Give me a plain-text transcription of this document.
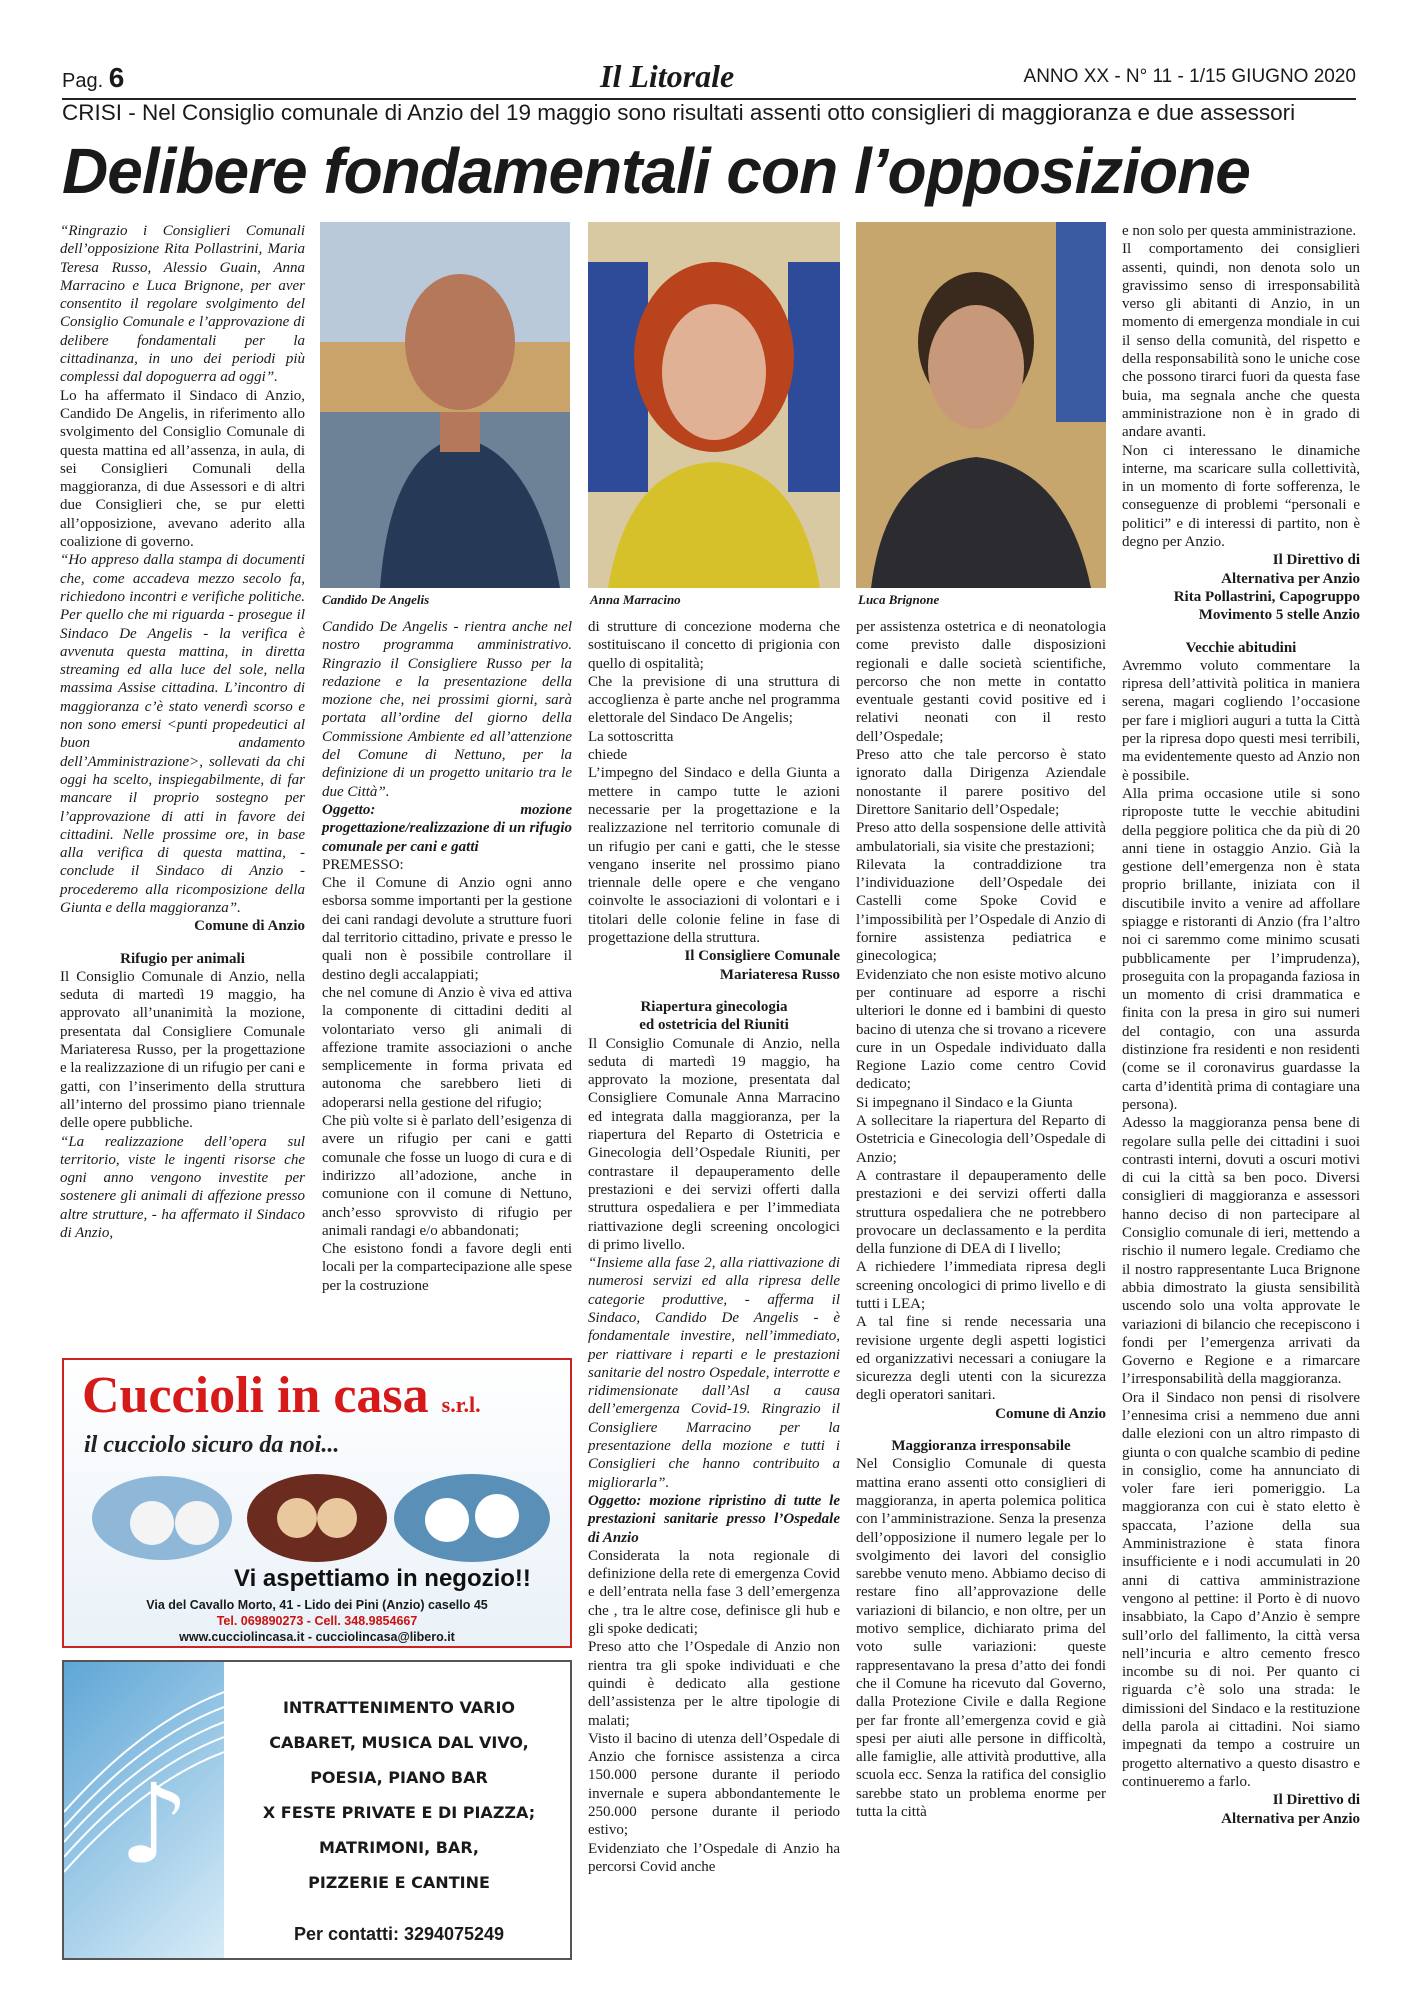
Pag. 6	Il Litorale	ANNO XX - N° 11 - 1/15 GIUGNO 2020
CRISI - Nel Consiglio comunale di Anzio del 19 maggio sono risultati assenti otto consiglieri di maggioranza e due assessori
Delibere fondamentali con l’opposizione
Candido De Angelis	Anna Marracino	Luca Brignone

“Ringrazio i Consiglieri Comunali dell’opposizione Rita Pollastrini, Maria Teresa Russo, Alessio Guain, Anna Marracino e Luca Brignone, per aver consentito il regolare svolgimento del Consiglio Comunale e l’approvazione di delibere fondamentali per la cittadinanza, in uno dei periodi più complessi dal dopoguerra ad oggi”.

Lo ha affermato il Sindaco di Anzio, Candido De Angelis, in riferimento allo svolgimento del Consiglio Comunale di questa mattina ed all’assenza, in aula, di sei Consiglieri Comunali della maggioranza, di due Assessori e di altri due Consiglieri che, se pur eletti all’opposizione, avevano aderito alla coalizione di governo.

“Ho appreso dalla stampa di documenti che, come accadeva mezzo secolo fa, richiedono incontri e verifiche politiche. Per quello che mi riguarda - prosegue il Sindaco De Angelis - la verifica è avvenuta questa mattina, in diretta streaming ed alla luce del sole, nella massima Assise cittadina. L’incontro di maggioranza c’è stato venerdì scorso e non sono emersi <punti propedeutici al buon andamento dell’Amministrazione>, sollevati da chi oggi ha scelto, inspiegabilmente, di far mancare il proprio sostegno per l’approvazione di atti in favore dei cittadini. Nelle prossime ore, in base alla verifica di questa mattina, - conclude il Sindaco di Anzio - procederemo alla ricomposizione della Giunta e della maggioranza”.

Comune di Anzio

Rifugio per animali

Il Consiglio Comunale di Anzio, nella seduta di martedì 19 maggio, ha approvato all’unanimità la mozione, presentata dal Consigliere Comunale Mariateresa Russo, per la progettazione e la realizzazione di un rifugio per cani e gatti, con l’inserimento della struttura all’interno del prossimo piano triennale delle opere pubbliche.

“La realizzazione dell’opera sul territorio, viste le ingenti risorse che ogni anno vengono investite per sostenere gli animali di affezione presso altre strutture, - ha affermato il Sindaco di Anzio,

Candido De Angelis - rientra anche nel nostro programma amministrativo. Ringrazio il Consigliere Russo per la redazione e la presentazione della mozione che, nei prossimi giorni, sarà portata all’ordine del giorno della Commissione Ambiente ed all’attenzione del Comune di Nettuno, per la definizione di un progetto unitario tra le due Città”.

Oggetto: mozione progettazione/realizzazione di un rifugio comunale per cani e gatti

PREMESSO:

Che il Comune di Anzio ogni anno esborsa somme importanti per la gestione dei cani randagi devolute a strutture fuori dal territorio cittadino, private e presso le quali non è possibile controllare il destino degli accalappiati;

che nel comune di Anzio è viva ed attiva la componente di cittadini dediti al volontariato verso gli animali di affezione tramite associazioni o anche semplicemente in forma privata ed autonoma che sarebbero lieti di adoperarsi nella gestione del rifugio;

Che più volte si è parlato dell’esigenza di avere un rifugio per cani e gatti comunale che fosse un luogo di cura e di indirizzo all’adozione, anche in comunione con il comune di Nettuno, anch’esso sprovvisto di rifugio per animali randagi e/o abbandonati;

Che esistono fondi a favore degli enti locali per la compartecipazione alle spese per la costruzione

di strutture di concezione moderna che sostituiscano il concetto di prigionia con quello di ospitalità;

Che la previsione di una struttura di accoglienza è parte anche nel programma elettorale del Sindaco De Angelis;

La sottoscritta

chiede

L’impegno del Sindaco e della Giunta a mettere in campo tutte le azioni necessarie per la progettazione e la realizzazione nel territorio comunale di un rifugio per cani e gatti, che le stesse vengano inserite nel prossimo piano triennale delle opere e che vengano coinvolte le associazioni di volontari e i titolari delle colonie feline in fase di progettazione della struttura.

Il Consigliere Comunale

Mariateresa Russo

Riapertura ginecologia

ed ostetricia del Riuniti

Il Consiglio Comunale di Anzio, nella seduta di martedì 19 maggio, ha approvato la mozione, presentata dal Consigliere Comunale Anna Marracino ed integrata dalla maggioranza, per la riapertura del Reparto di Ostetricia e Ginecologia dell’Ospedale Riuniti, per contrastare il depauperamento delle prestazioni e dei servizi offerti dalla struttura ospedaliera e per l’immediata riattivazione degli screening oncologici di primo livello.

“Insieme alla fase 2, alla riattivazione di numerosi servizi ed alla ripresa delle categorie produttive, - afferma il Sindaco, Candido De Angelis - è fondamentale investire, nell’immediato, per riattivare i reparti e le prestazioni sanitarie del nostro Ospedale, interrotte e ridimensionate dall’Asl a causa dell’emergenza Covid-19. Ringrazio il Consigliere Marracino per la presentazione della mozione e tutti i Consiglieri che hanno contribuito a migliorarla”.

Oggetto: mozione ripristino di tutte le prestazioni sanitarie presso l’Ospedale di Anzio

Considerata la nota regionale di definizione della rete di emergenza Covid e dell’entrata nella fase 3 dell’emergenza che , tra le altre cose, definisce gli hub e gli spoke dedicati;

Preso atto che l’Ospedale di Anzio non rientra tra gli spoke individuati e che quindi è dedicato alla gestione dell’assistenza per le altre tipologie di malati;

Visto il bacino di utenza dell’Ospedale di Anzio che fornisce assistenza a circa 150.000 persone durante il periodo invernale e supera abbondantemente le 250.000 persone durante il periodo estivo;

Evidenziato che l’Ospedale di Anzio ha percorsi Covid anche

per assistenza ostetrica e di neonatologia come previsto dalle disposizioni regionali e dalle società scientifiche, percorso che non mette in contatto eventuale gestanti covid positive ed i relativi neonati con il resto dell’Ospedale;

Preso atto che tale percorso è stato ignorato dalla Dirigenza Aziendale nonostante il parere positivo del Direttore Sanitario dell’Ospedale;

Preso atto della sospensione delle attività ambulatoriali, sia visite che prestazioni;

Rilevata la contraddizione tra l’individuazione dell’Ospedale dei Castelli come Spoke Covid e l’impossibilità per l’Ospedale di Anzio di fornire assistenza pediatrica e ginecologica;

Evidenziato che non esiste motivo alcuno per continuare ad esporre a rischi ulteriori le donne ed i bambini di questo bacino di utenza che si trovano a ricevere cure in un Ospedale individuato dalla Regione Lazio come centro Covid dedicato;

Si impegnano il Sindaco e la Giunta

A sollecitare la riapertura del Reparto di Ostetricia e Ginecologia dell’Ospedale di Anzio;

A contrastare il depauperamento delle prestazioni e dei servizi offerti dalla struttura ospedaliera che ne potrebbero provocare un declassamento e la perdita della funzione di DEA di I livello;

A richiedere l’immediata ripresa degli screening oncologici di primo livello e di tutti i LEA;

A tal fine si rende necessaria una revisione urgente degli aspetti logistici ed organizzativi necessari a coniugare la sicurezza degli utenti con la sicurezza degli operatori sanitari.

Comune di Anzio

Maggioranza irresponsabile

Nel Consiglio Comunale di questa mattina erano assenti otto consiglieri di maggioranza, in aperta polemica politica con l’amministrazione. Senza la presenza dell’opposizione il numero legale per lo svolgimento dei lavori del consiglio sarebbe venuto meno. Abbiamo deciso di restare fino all’approvazione delle variazioni di bilancio, e non oltre, per un motivo semplice, dichiarato prima del voto sulle variazioni: queste rappresentavano la presa d’atto dei fondi che il Comune ha ricevuto dal Governo, dalla Protezione Civile e dalla Regione per far fronte all’emergenza covid e già spesi per aiuti alle persone in difficoltà, alle famiglie, alle attività produttive, alla scuola ecc. Senza la ratifica del consiglio sarebbe stato un problema enorme per tutta la città

e non solo per questa amministrazione.

Il comportamento dei consiglieri assenti, quindi, non denota solo un gravissimo senso di irresponsabilità verso gli abitanti di Anzio, in un momento di emergenza mondiale in cui il senso della comunità, del rispetto e della responsabilità sono le uniche cose che possono tirarci fuori da questa fase buia, ma segnala anche che questa amministrazione non è in grado di andare avanti.

Non ci interessano le dinamiche interne, ma scaricare sulla collettività, in un momento di forte sofferenza, le conseguenze di problemi “personali e politici” e di interessi di partito, non è degno per Anzio.

Il Direttivo di

Alternativa per Anzio

Rita Pollastrini, Capogruppo

Movimento 5 stelle Anzio

Vecchie abitudini

Avremmo voluto commentare la ripresa dell’attività politica in maniera serena, magari cogliendo l’occasione per fare i migliori auguri a tutta la Città per la ripresa dopo questi mesi terribili, ma evidentemente questo ad Anzio non è possibile.

Alla prima occasione utile si sono riproposte tutte le vecchie abitudini della peggiore politica che da più di 20 anni tiene in ostaggio Anzio. Già la gestione dell’emergenza non è stata proprio brillante, iniziata con il discutibile invito a venire ad affollare spiagge e ristoranti di Anzio (fra l’altro noi ci saremmo come minimo scusati pubblicamente per l’imprudenza), proseguita con la propaganda faziosa in un momento di crisi drammatica e finita con la presa in giro sui numeri del contagio, con una assurda distinzione fra residenti e non residenti (come se il coronavirus guardasse la carta d’identità prima di contagiare una persona).

Adesso la maggioranza pensa bene di regolare sulla pelle dei cittadini i suoi contrasti interni, dovuti a oscuri motivi di cui la città sa ben poco. Diversi consiglieri di maggioranza e assessori hanno deciso di non partecipare al Consiglio comunale di ieri, mettendo a rischio il numero legale. Crediamo che il nostro rappresentante Luca Brignone abbia dimostrato la giusta sensibilità uscendo solo una volta approvate le variazioni di bilancio che recepiscono i fondi per l’emergenza arrivati da Governo e Regione e a rimarcare l’irresponsabilità della maggioranza.

Ora il Sindaco non pensi di risolvere l’ennesima crisi a nemmeno due anni dalle elezioni con un altro rimpasto di giunta o con qualche scambio di pedine in consiglio, come ha annunciato di voler fare ieri pomeriggio. La maggioranza con cui è stato eletto è spaccata, l’azione della sua Amministrazione è stata finora insufficiente e i nodi accumulati in 20 anni di cattiva amministrazione vengono al pettine: il Porto è di nuovo insabbiato, la Capo d’Anzio è sempre sull’orlo del fallimento, la città versa nell’incuria e altro cemento fresco incombe su di noi. Per quanto ci riguarda c’è solo una strada: le dimissioni del Sindaco e la restituzione della parola ai cittadini. Noi siamo impegnati da tempo a costruire un progetto alternativo a questo disastro e continueremo a farlo.

Il Direttivo di
Alternativa per Anzio

Cuccioli in casa s.r.l.
il cucciolo sicuro da noi...
Vi aspettiamo in negozio!!
Via del Cavallo Morto, 41 - Lido dei Pini (Anzio) casello 45
Tel. 069890273 - Cell. 348.9854667
www.cucciolincasa.it - cucciolincasa@libero.it
♪
INTRATTENIMENTO VARIO
CABARET, MUSICA DAL VIVO,
POESIA, PIANO BAR
X FESTE PRIVATE E DI PIAZZA;
MATRIMONI, BAR,
PIZZERIE E CANTINE
Per contatti: 3294075249
